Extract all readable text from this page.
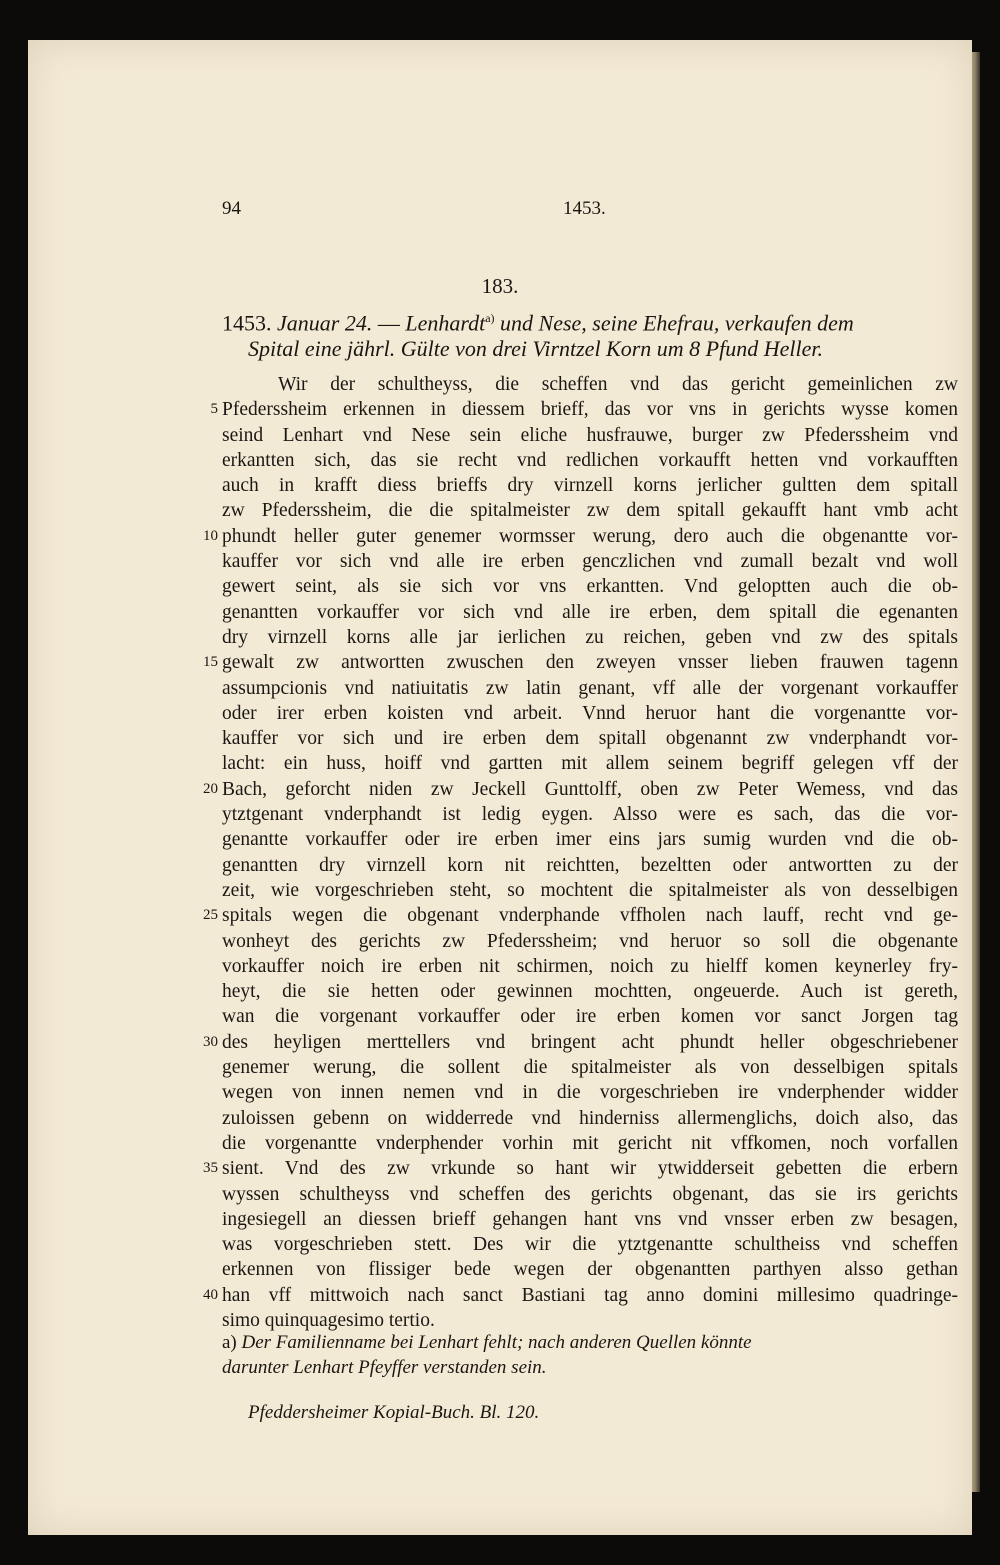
94	1453.
183.
1453. Januar 24. — Lenhardt$^{a)}$ und Nese, seine Ehefrau, verkaufen dem
Spital eine jährl. Gülte von drei Virntzel Korn um 8 Pfund Heller.
Wir der schultheyss, die scheffen vnd das gericht gemeinlichen zw
5 Pfederssheim erkennen in diessem brieff, das vor vns in gerichts wysse komen
seind Lenhart vnd Nese sein eliche husfrauwe, burger zw Pfederssheim vnd
erkantten sich, das sie recht vnd redlichen vorkaufft hetten vnd vorkaufften
auch in krafft diess brieffs dry virnzell korns jerlicher gultten dem spitall
zw Pfederssheim, die die spitalmeister zw dem spitall gekaufft hant vmb acht
10 phundt heller guter genemer wormsser werung, dero auch die obgenantte vor-
kauffer vor sich vnd alle ire erben genczlichen vnd zumall bezalt vnd woll
gewert seint, als sie sich vor vns erkantten. Vnd geloptten auch die ob-
genantten vorkauffer vor sich vnd alle ire erben, dem spitall die egenanten
dry virnzell korns alle jar ierlichen zu reichen, geben vnd zw des spitals
15 gewalt zw antwortten zwuschen den zweyen vnsser lieben frauwen tagenn
assumpcionis vnd natiuitatis zw latin genant, vff alle der vorgenant vorkauffer
oder irer erben koisten vnd arbeit. Vnnd heruor hant die vorgenantte vor-
kauffer vor sich und ire erben dem spitall obgenannt zw vnderphandt vor-
lacht: ein huss, hoiff vnd gartten mit allem seinem begriff gelegen vff der
20 Bach, geforcht niden zw Jeckell Gunttolff, oben zw Peter Wemess, vnd das
ytztgenant vnderphandt ist ledig eygen. Alsso were es sach, das die vor-
genantte vorkauffer oder ire erben imer eins jars sumig wurden vnd die ob-
genantten dry virnzell korn nit reichtten, bezeltten oder antwortten zu der
zeit, wie vorgeschrieben steht, so mochtent die spitalmeister als von desselbigen
25 spitals wegen die obgenant vnderphande vffholen nach lauff, recht vnd ge-
wonheyt des gerichts zw Pfederssheim; vnd heruor so soll die obgenante
vorkauffer noich ire erben nit schirmen, noich zu hielff komen keynerley fry-
heyt, die sie hetten oder gewinnen mochtten, ongeuerde. Auch ist gereth,
wan die vorgenant vorkauffer oder ire erben komen vor sanct Jorgen tag
30 des heyligen merttellers vnd bringent acht phundt heller obgeschriebener
genemer werung, die sollent die spitalmeister als von desselbigen spitals
wegen von innen nemen vnd in die vorgeschrieben ire vnderphender widder
zuloissen gebenn on widderrede vnd hinderniss allermenglichs, doich also, das
die vorgenantte vnderphender vorhin mit gericht nit vffkomen, noch vorfallen
35 sient. Vnd des zw vrkunde so hant wir ytwidderseit gebetten die erbern
wyssen schultheyss vnd scheffen des gerichts obgenant, das sie irs gerichts
ingesiegell an diessen brieff gehangen hant vns vnd vnsser erben zw besagen,
was vorgeschrieben stett. Des wir die ytztgenantte schultheiss vnd scheffen
erkennen von flissiger bede wegen der obgenantten parthyen alsso gethan
40 han vff mittwoich nach sanct Bastiani tag anno domini millesimo quadringe-
simo quinquagesimo tertio.
a) Der Familienname bei Lenhart fehlt; nach anderen Quellen könnte
darunter Lenhart Pfeyffer verstanden sein.
Pfeddersheimer Kopial-Buch. Bl. 120.
